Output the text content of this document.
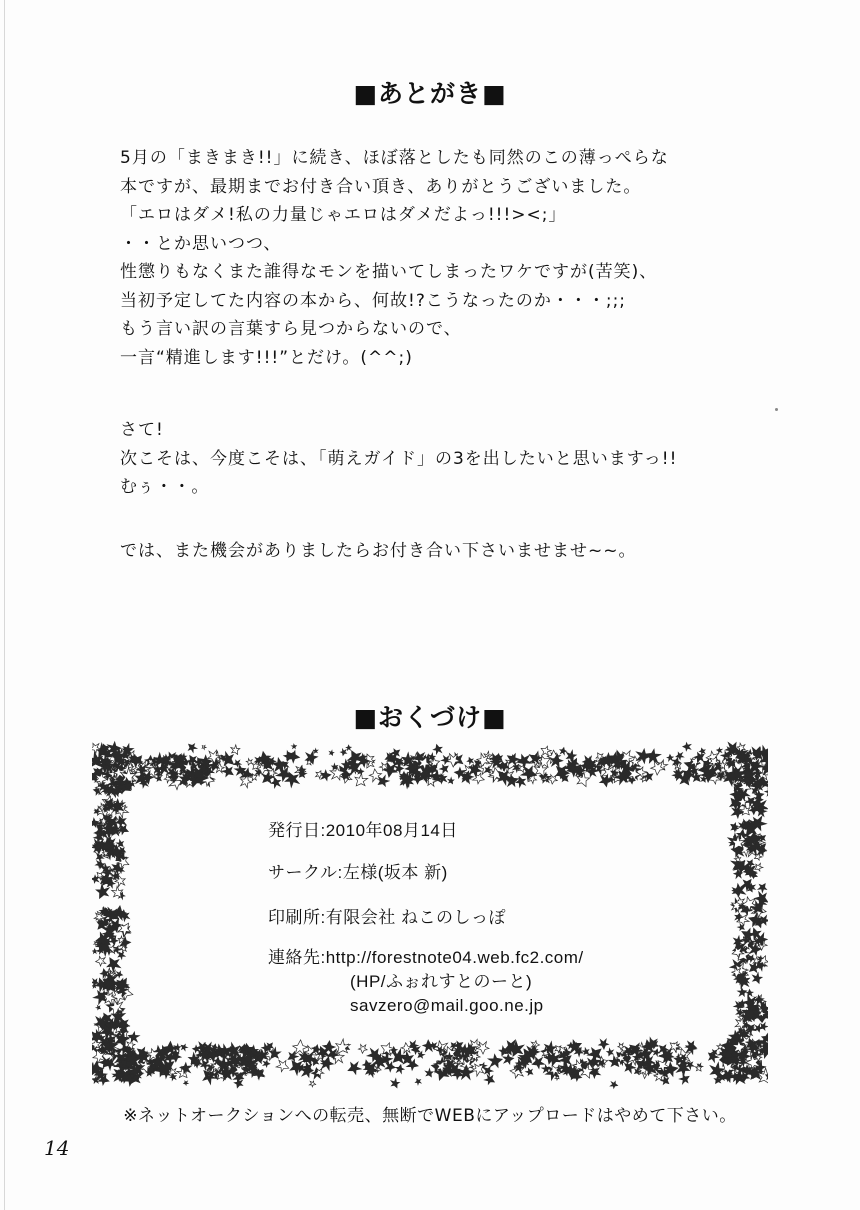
■あとがき■
5月の「まきまき!!」に続き、ほぼ落としたも同然のこの薄っぺらな
本ですが、最期までお付き合い頂き、ありがとうございました。
「エロはダメ!私の力量じゃエロはダメだよっ!!!><;」
・・とか思いつつ、
性懲りもなくまた誰得なモンを描いてしまったワケですが(苦笑)、
当初予定してた内容の本から、何故!?こうなったのか・・・;;;
もう言い訳の言葉すら見つからないので、
一言“精進します!!!”とだけ。(^^;)
さて!
次こそは、今度こそは、「萌えガイド」の3を出したいと思いますっ!!
むぅ・・。
では、また機会がありましたらお付き合い下さいませませ~~。
■おくづけ■
発行日:2010年08月14日
サークル:左様(坂本 新)
印刷所:有限会社 ねこのしっぽ
連絡先:http://forestnote04.web.fc2.com/
(HP/ふぉれすとのーと)
savzero@mail.goo.ne.jp
※ネットオークションへの転売、無断でWEBにアップロードはやめて下さい。
14
